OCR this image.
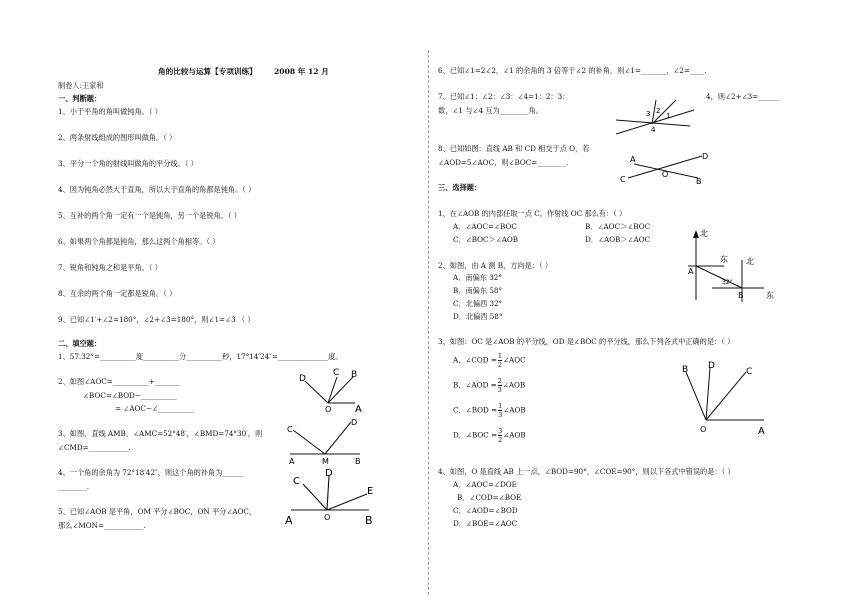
角的比较与运算【专项训练】 2008 年 12 月
制卷人:王家和
一、判断题：
1、小于平角的角叫做钝角。（ ）
2、两条射线组成的图形叫做角。（ ）
3、平分一个角的射线叫做角的平分线。（ ）
4、因为钝角必然大于直角，所以大于直角的角都是钝角。（ ）
5、互补的两个角一定有一个是钝角，另一个是锐角。（ ）
6、如果两个角都是钝角，那么这两个角相等。（ ）
7、锐角和钝角之和是平角。（ ）
8、互余的两个角一定都是锐角。（ ）
9、已知∠1′+∠2=180°，∠2+∠3=180°，则∠1=∠3 （ ）
二、填空题：
1、57.32°=__________度__________分__________秒，17°14′24″=______________度。
2、如图∠AOC=__________+_______
∠BOC=∠BOD−__________
= ∠AOC−∠__________
3、如图，直线 AMB，∠AMC=52°48′，∠BMD=74°30′，则
∠CMD=___________.
4、一个角的余角为 72°18′42″，则这个角的补角为______
________.
5、已知∠AOB 是平角，OM 平分∠BOC，ON 平分∠AOC，
那么∠MON=___________.
D
C B
O A
C
D
A	M	B
C
D
E
A	O	B
6、已知∠1=2∠2，∠1 的余角的 3 倍等于∠2 的补角，则∠1=_______，∠2=____.
7、已知∠1：∠2：∠3：∠4=1：2：3：	4，则∠2+∠3=______
数，∠1 与∠4 互为________角。	3 2
1
4
8、已知如图：直线 AB 和 CD 相交于点 O，若
∠AOD=5∠AOC，则∠BOC=________.	A	D
O
C	B
三、选择题：
1、在∠AOB 的内部任取一点 C，作射线 OC 那么有：（ ）
A．∠AOC=∠BOC	B．∠AOC＞∠BOC
C．∠BOC＞∠AOB	D．∠AOB＞∠AOC
2、如图，由 A 测 B，方向是：（ ）
A．南偏东 32°
B．南偏东 58°
C．北偏西 32°
D．北偏西 58°
北
东 北
A
32°
B	东
3、如图：OC 是∠AOB 的平分线，OD 是∠BOC 的平分线，那么下列各式中正确的是：（ ）
A．∠COD = $\frac{1}{2}$ ∠AOC
B．∠AOD = $\frac{2}{3}$ ∠AOB
C．∠BOD = $\frac{1}{3}$ ∠AOB
D．∠BOC = $\frac{3}{2}$ ∠AOB
B D
C
O	A
4、如图，O 是直线 AB 上一点，∠BOD=90°，∠COE=90°，则以下各式中错误的是：（ ）
A．∠AOC=∠DOE
B．∠COD=∠BOE
C．∠AOD=∠BOD
D．∠BOE=∠AOC
